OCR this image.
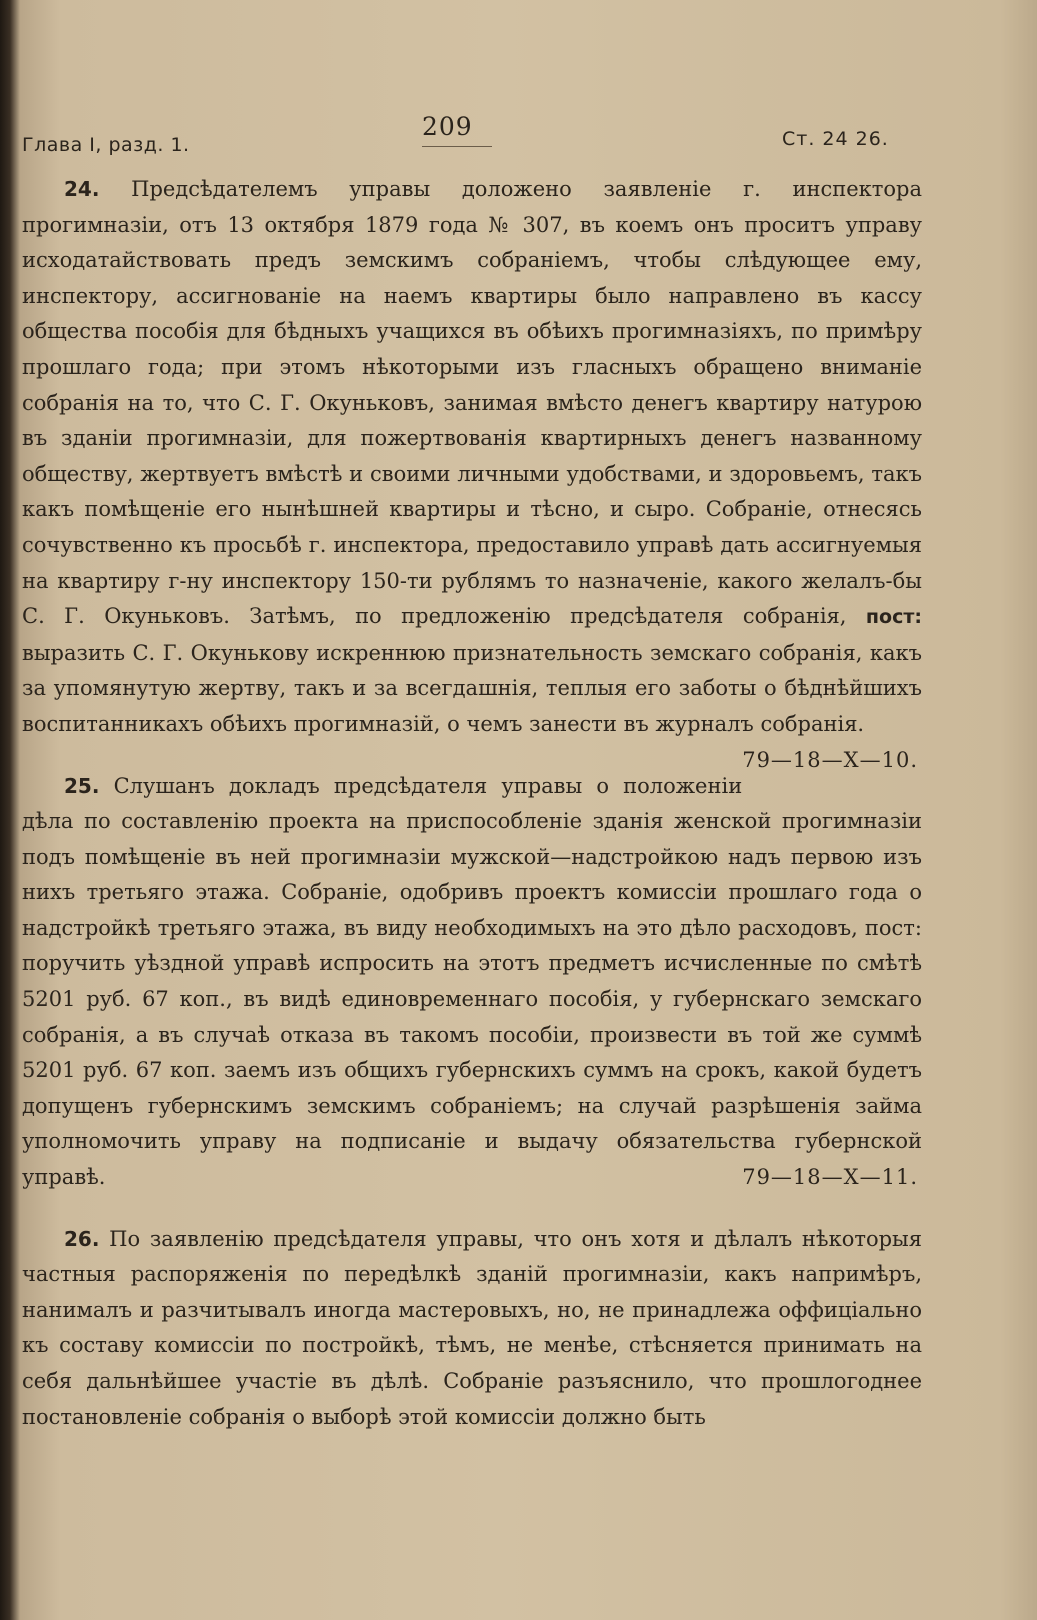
Глава I, разд. 1.
209	Ст. 24 26.

24. Предсѣдателемъ управы доложено заявленіе г. инспектора прогимназіи, отъ 13 октября 1879 года № 307, въ коемъ онъ проситъ управу исходатайствовать предъ земскимъ собраніемъ, чтобы слѣдующее ему, инспектору, ассигнованіе на наемъ квартиры было направлено въ кассу общества пособія для бѣдныхъ учащихся въ обѣихъ прогимназіяхъ, по примѣру прошлаго года; при этомъ нѣкоторыми изъ гласныхъ обращено вниманіе собранія на то, что С. Г. Окуньковъ, занимая вмѣсто денегъ квартиру натурою въ зданіи прогимназіи, для пожертвованія квартирныхъ денегъ названному обществу, жертвуетъ вмѣстѣ и своими личными удобствами, и здоровьемъ, такъ какъ помѣщеніе его нынѣшней квартиры и тѣсно, и сыро. Собраніе, отнесясь сочувственно къ просьбѣ г. инспектора, предоставило управѣ дать ассигнуемыя на квартиру г-ну инспектору 150-ти рублямъ то назначеніе, какого желалъ-бы С. Г. Окуньковъ. Затѣмъ, по предложенію предсѣдателя собранія, пост: выразить С. Г. Окунькову искреннюю признательность земскаго собранія, какъ за упомянутую жертву, такъ и за всегдашнія, теплыя его заботы о бѣднѣйшихъ воспитанникахъ обѣихъ прогимназій, о чемъ занести въ журналъ собранія.
79—18—X—10.

25. Слушанъ докладъ предсѣдателя управы о положеніи дѣла по составленію проекта на приспособленіе зданія женской прогимназіи подъ помѣщеніе въ ней прогимназіи мужской—надстройкою надъ первою изъ нихъ третьяго этажа. Собраніе, одобривъ проектъ комиссіи прошлаго года о надстройкѣ третьяго этажа, въ виду необходимыхъ на это дѣло расходовъ, пост: поручить уѣздной управѣ испросить на этотъ предметъ исчисленные по смѣтѣ 5201 руб. 67 коп., въ видѣ единовременнаго пособія, у губернскаго земскаго собранія, а въ случаѣ отказа въ такомъ пособіи, произвести въ той же суммѣ 5201 руб. 67 коп. заемъ изъ общихъ губернскихъ суммъ на срокъ, какой будетъ допущенъ губернскимъ земскимъ собраніемъ; на случай разрѣшенія займа уполномочить управу на подписаніе и выдачу обязательства губернской управѣ.	79—18—X—11.

26. По заявленію предсѣдателя управы, что онъ хотя и дѣлалъ нѣкоторыя частныя распоряженія по передѣлкѣ зданій прогимназіи, какъ напримѣръ, нанималъ и разчитывалъ иногда мастеровыхъ, но, не принадлежа оффиціально къ составу комиссіи по постройкѣ, тѣмъ, не менѣе, стѣсняется принимать на себя дальнѣйшее участіе въ дѣлѣ. Собраніе разъяснило, что прошлогоднее постановленіе собранія о выборѣ этой комиссіи должно быть
